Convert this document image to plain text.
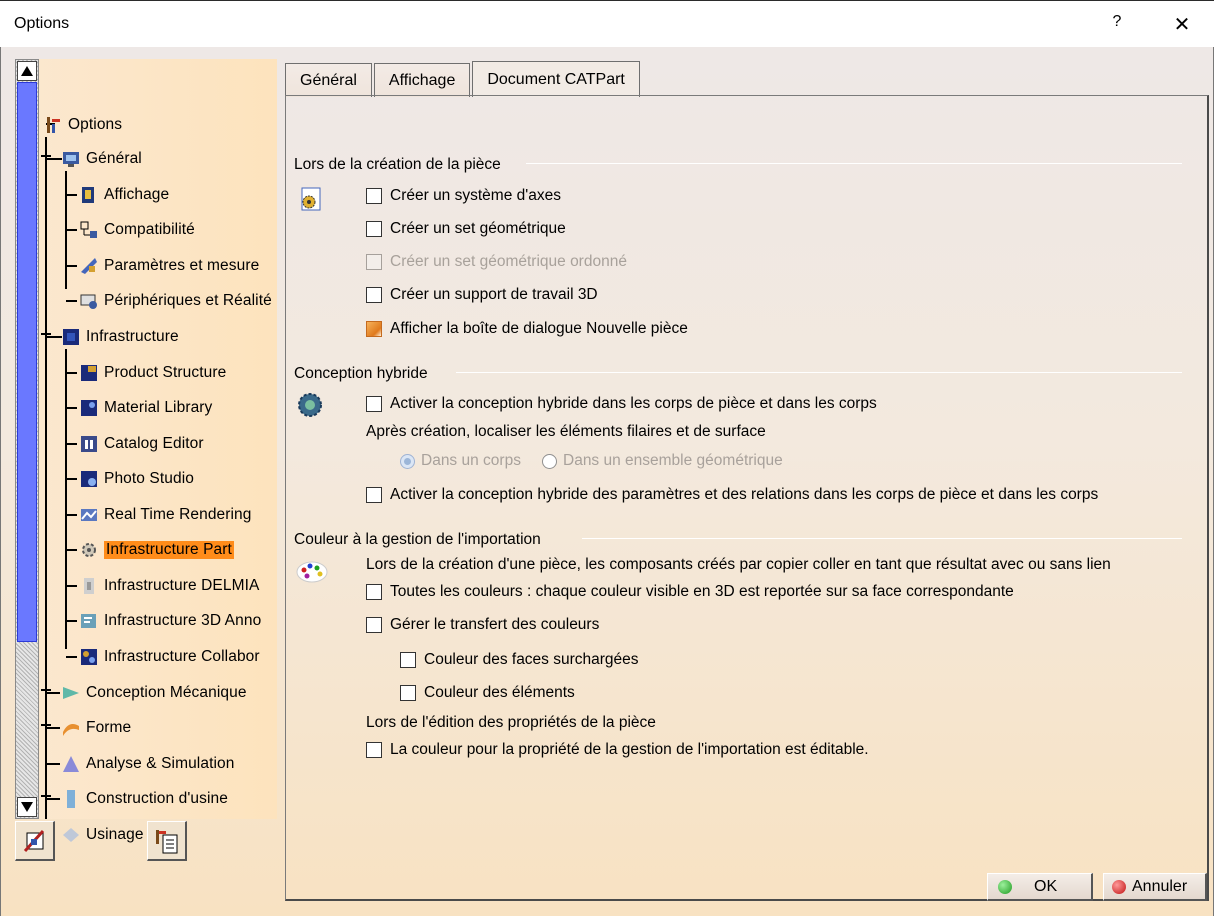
Options	?	✕
Options
Général
Affichage
Compatibilité
Paramètres et mesure
Périphériques et Réalité
Infrastructure
Product Structure
Material Library
Catalog Editor
Photo Studio
Real Time Rendering
Infrastructure Part
Infrastructure DELMIA
Infrastructure 3D Anno
Infrastructure Collabor
Conception Mécanique
Forme
Analyse & Simulation
Construction d'usine
Usinage
Général	Affichage	Document CATPart
Lors de la création de la pièce
Créer un système d'axes
Créer un set géométrique
Créer un set géométrique ordonné
Créer un support de travail 3D
Afficher la boîte de dialogue Nouvelle pièce
Conception hybride
Activer la conception hybride dans les corps de pièce et dans les corps
Après création, localiser les éléments filaires et de surface
Dans un corps	Dans un ensemble géométrique
Activer la conception hybride des paramètres et des relations dans les corps de pièce et dans les corps
Couleur à la gestion de l'importation
Lors de la création d'une pièce, les composants créés par copier coller en tant que résultat avec ou sans lien
Toutes les couleurs : chaque couleur visible en 3D est reportée sur sa face correspondante
Gérer le transfert des couleurs
Couleur des faces surchargées
Couleur des éléments
Lors de l'édition des propriétés de la pièce
La couleur pour la propriété de la gestion de l'importation est éditable.
OK	Annuler
